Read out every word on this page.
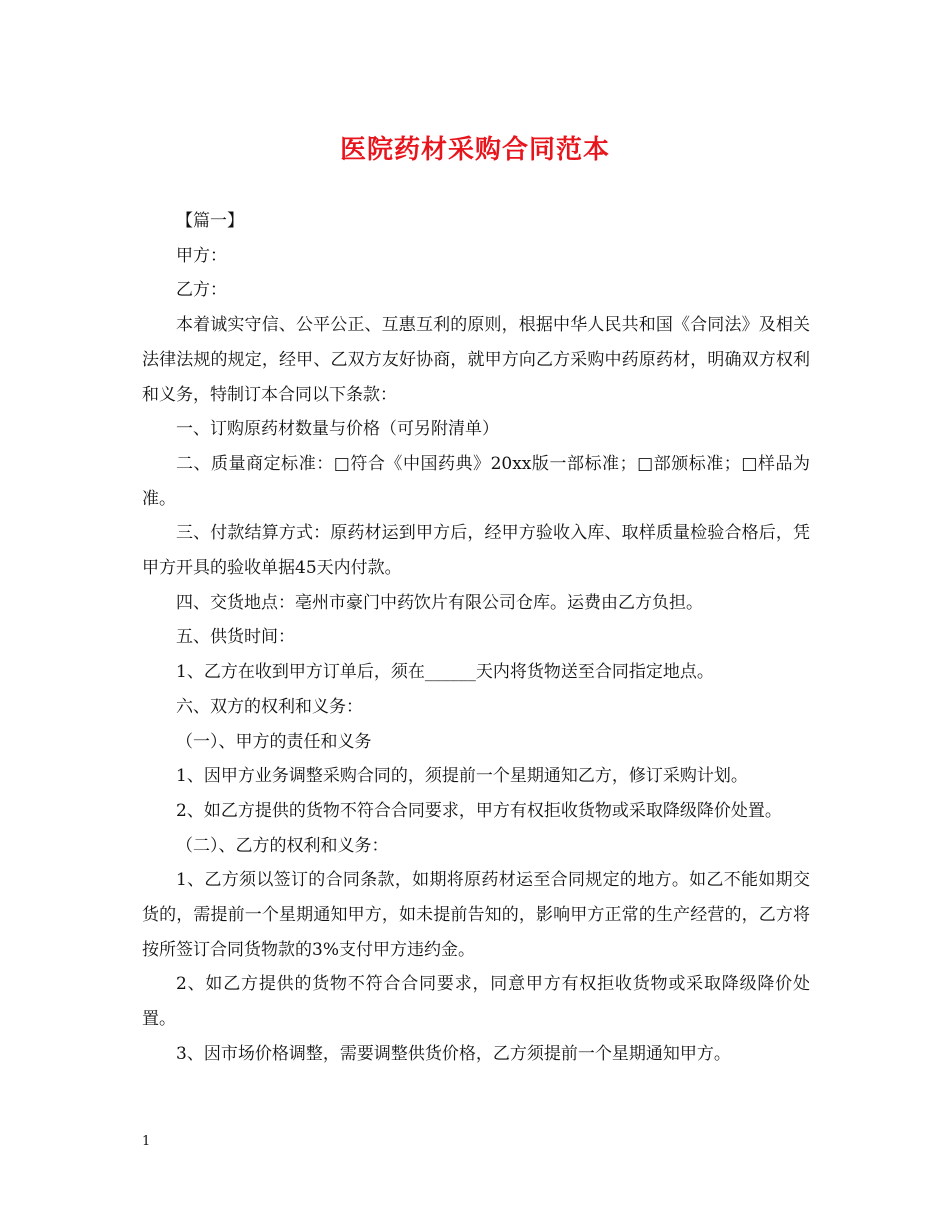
医院药材采购合同范本

【篇一】

甲方：

乙方：

本着诚实守信、公平公正、互惠互利的原则，根据中华人民共和国《合同法》及相关法律法规的规定，经甲、乙双方友好协商，就甲方向乙方采购中药原药材，明确双方权利和义务，特制订本合同以下条款：

一、订购原药材数量与价格（可另附清单）

二、质量商定标准：□符合《中国药典》20xx版一部标准；□部颁标准；□样品为准。

三、付款结算方式：原药材运到甲方后，经甲方验收入库、取样质量检验合格后，凭甲方开具的验收单据45天内付款。

四、交货地点：亳州市豪门中药饮片有限公司仓库。运费由乙方负担。

五、供货时间：

1、乙方在收到甲方订单后，须在______天内将货物送至合同指定地点。

六、双方的权利和义务：

（一）、甲方的责任和义务

1、因甲方业务调整采购合同的，须提前一个星期通知乙方，修订采购计划。

2、如乙方提供的货物不符合合同要求，甲方有权拒收货物或采取降级降价处置。

（二）、乙方的权利和义务：

1、乙方须以签订的合同条款，如期将原药材运至合同规定的地方。如乙不能如期交货的，需提前一个星期通知甲方，如未提前告知的，影响甲方正常的生产经营的，乙方将按所签订合同货物款的3%支付甲方违约金。

2、如乙方提供的货物不符合合同要求，同意甲方有权拒收货物或采取降级降价处置。

3、因市场价格调整，需要调整供货价格，乙方须提前一个星期通知甲方。

1
